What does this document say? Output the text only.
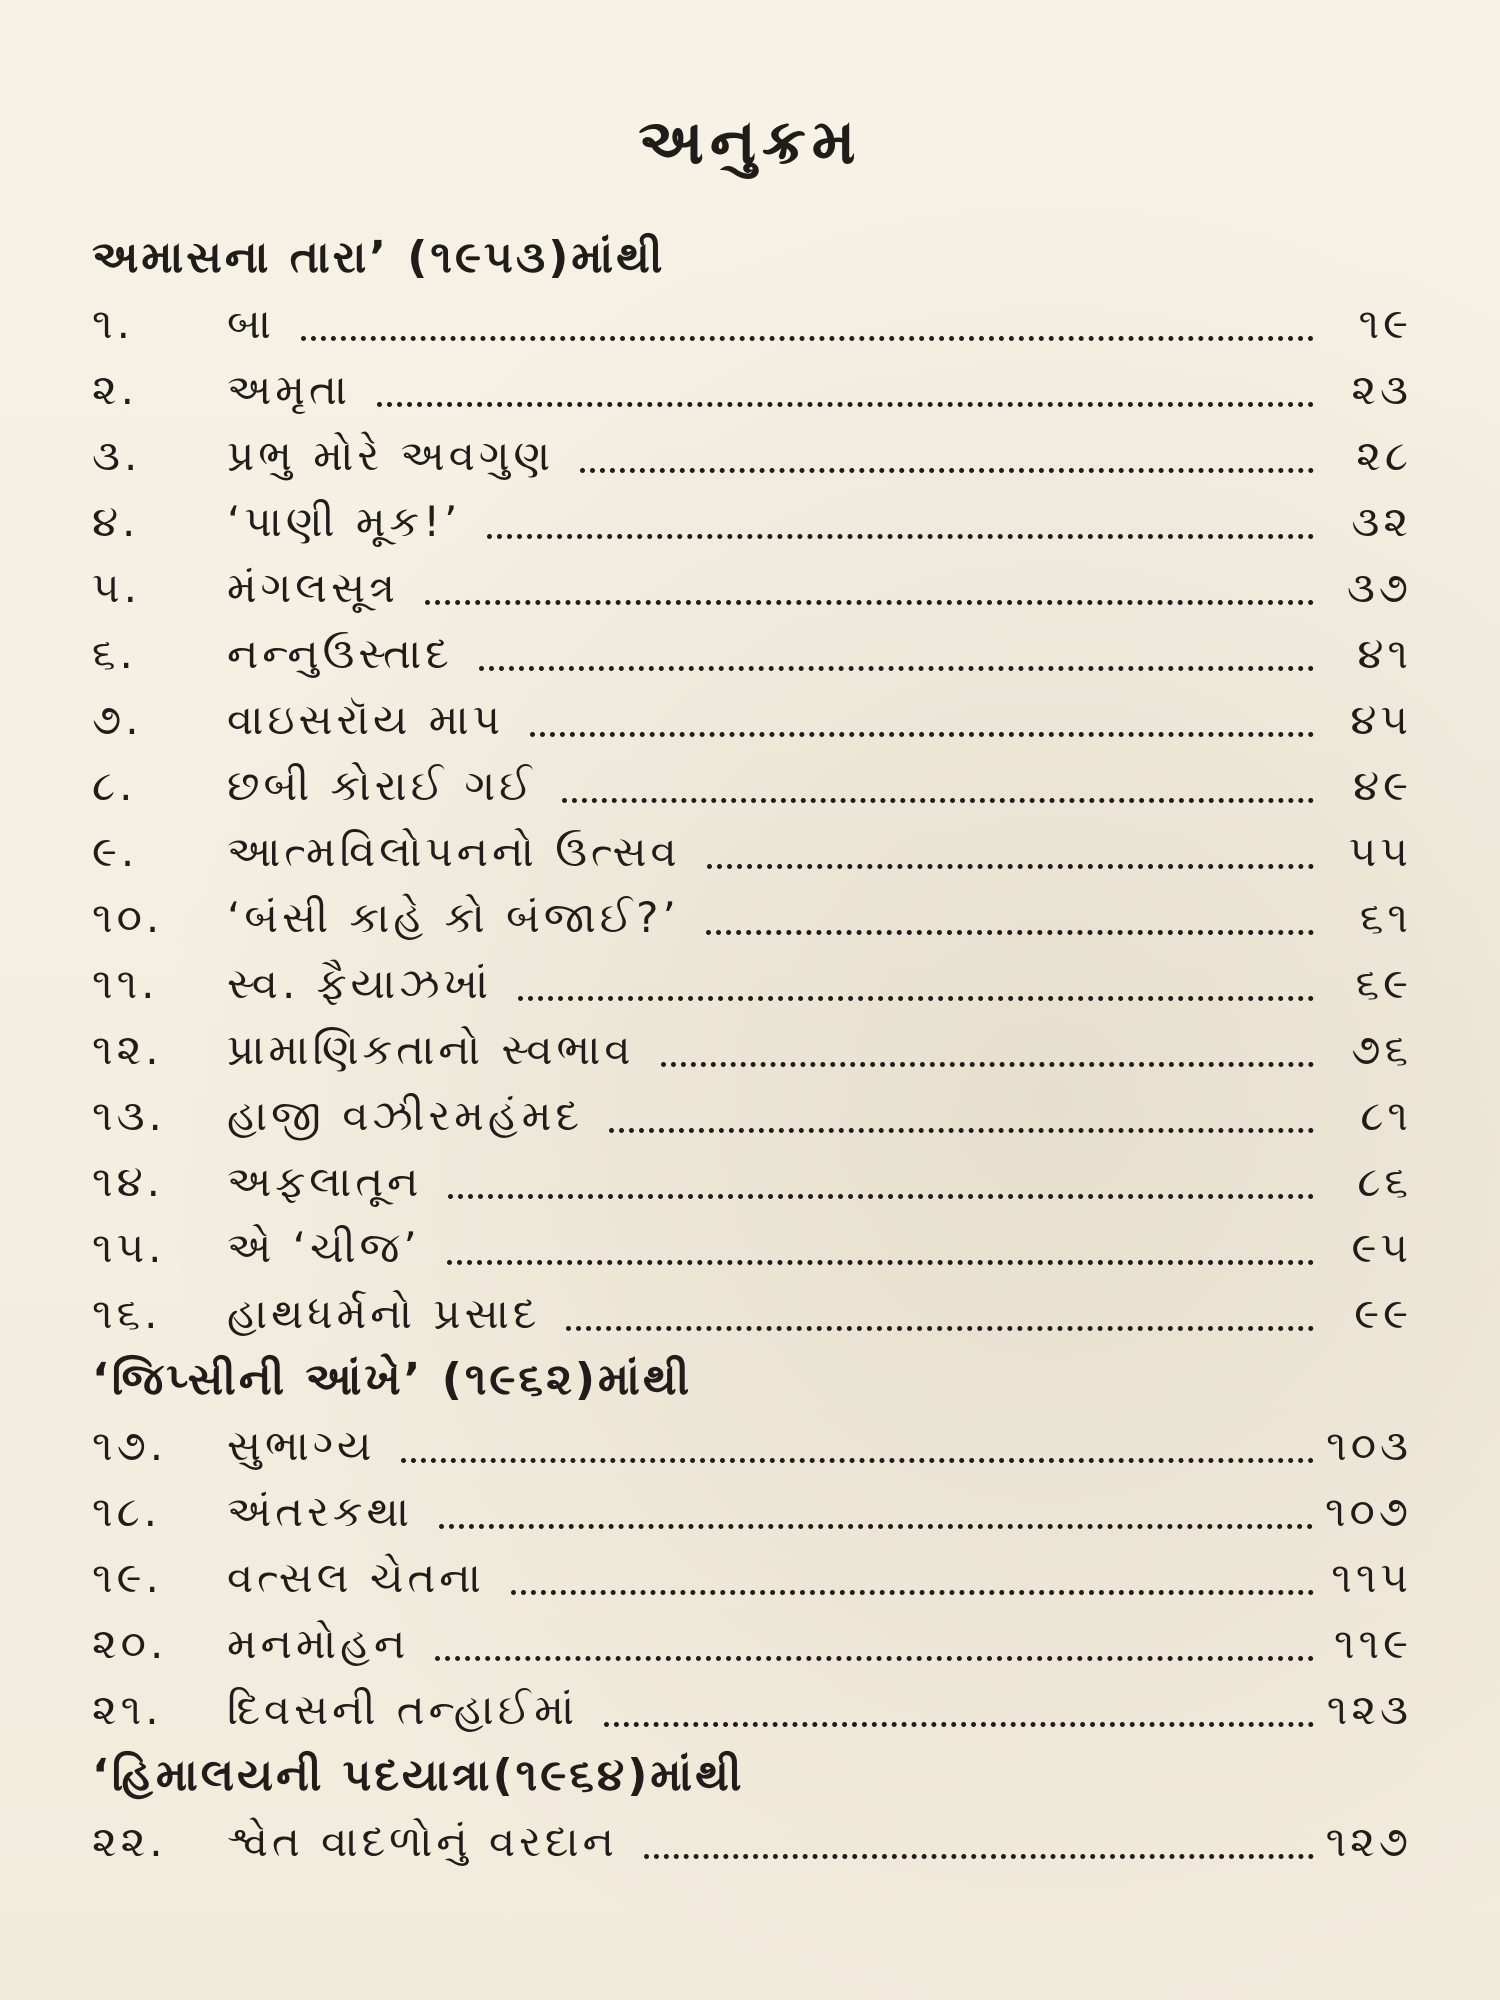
અનુક્રમ
અમાસના તારા’ (૧૯૫૩)માંથી
૧.	બા	૧૯
૨.	અમૃતા	૨૩
૩.	પ્રભુ મોરે અવગુણ	૨૮
૪.	‘પાણી મૂક!’	૩૨
૫.	મંગલસૂત્ર	૩૭
૬.	નન્નુઉસ્તાદ	૪૧
૭.	વાઇસરૉય માપ	૪૫
૮.	છબી કોરાઈ ગઈ	૪૯
૯.	આત્મવિલોપનનો ઉત્સવ	૫૫
૧૦.	‘બંસી કાહે કો બંજાઈ?’	૬૧
૧૧.	સ્વ. ફૈયાઝખાં	૬૯
૧૨.	પ્રામાણિકતાનો સ્વભાવ	૭૬
૧૩.	હાજી વઝીરમહંમદ	૮૧
૧૪.	અફલાતૂન	૮૬
૧૫.	એ ‘ચીજ’	૯૫
૧૬.	હાથધર્મનો પ્રસાદ	૯૯
‘જિપ્સીની આંખે’ (૧૯૬૨)માંથી
૧૭.	સુભાગ્ય	૧૦૩
૧૮.	અંતરકથા	૧૦૭
૧૯.	વત્સલ ચેતના	૧૧૫
૨૦.	મનમોહન	૧૧૯
૨૧.	દિવસની તન્હાઈમાં	૧૨૩
‘હિમાલયની પદયાત્રા(૧૯૬૪)માંથી
૨૨.	શ્વેત વાદળોનું વરદાન	૧૨૭
